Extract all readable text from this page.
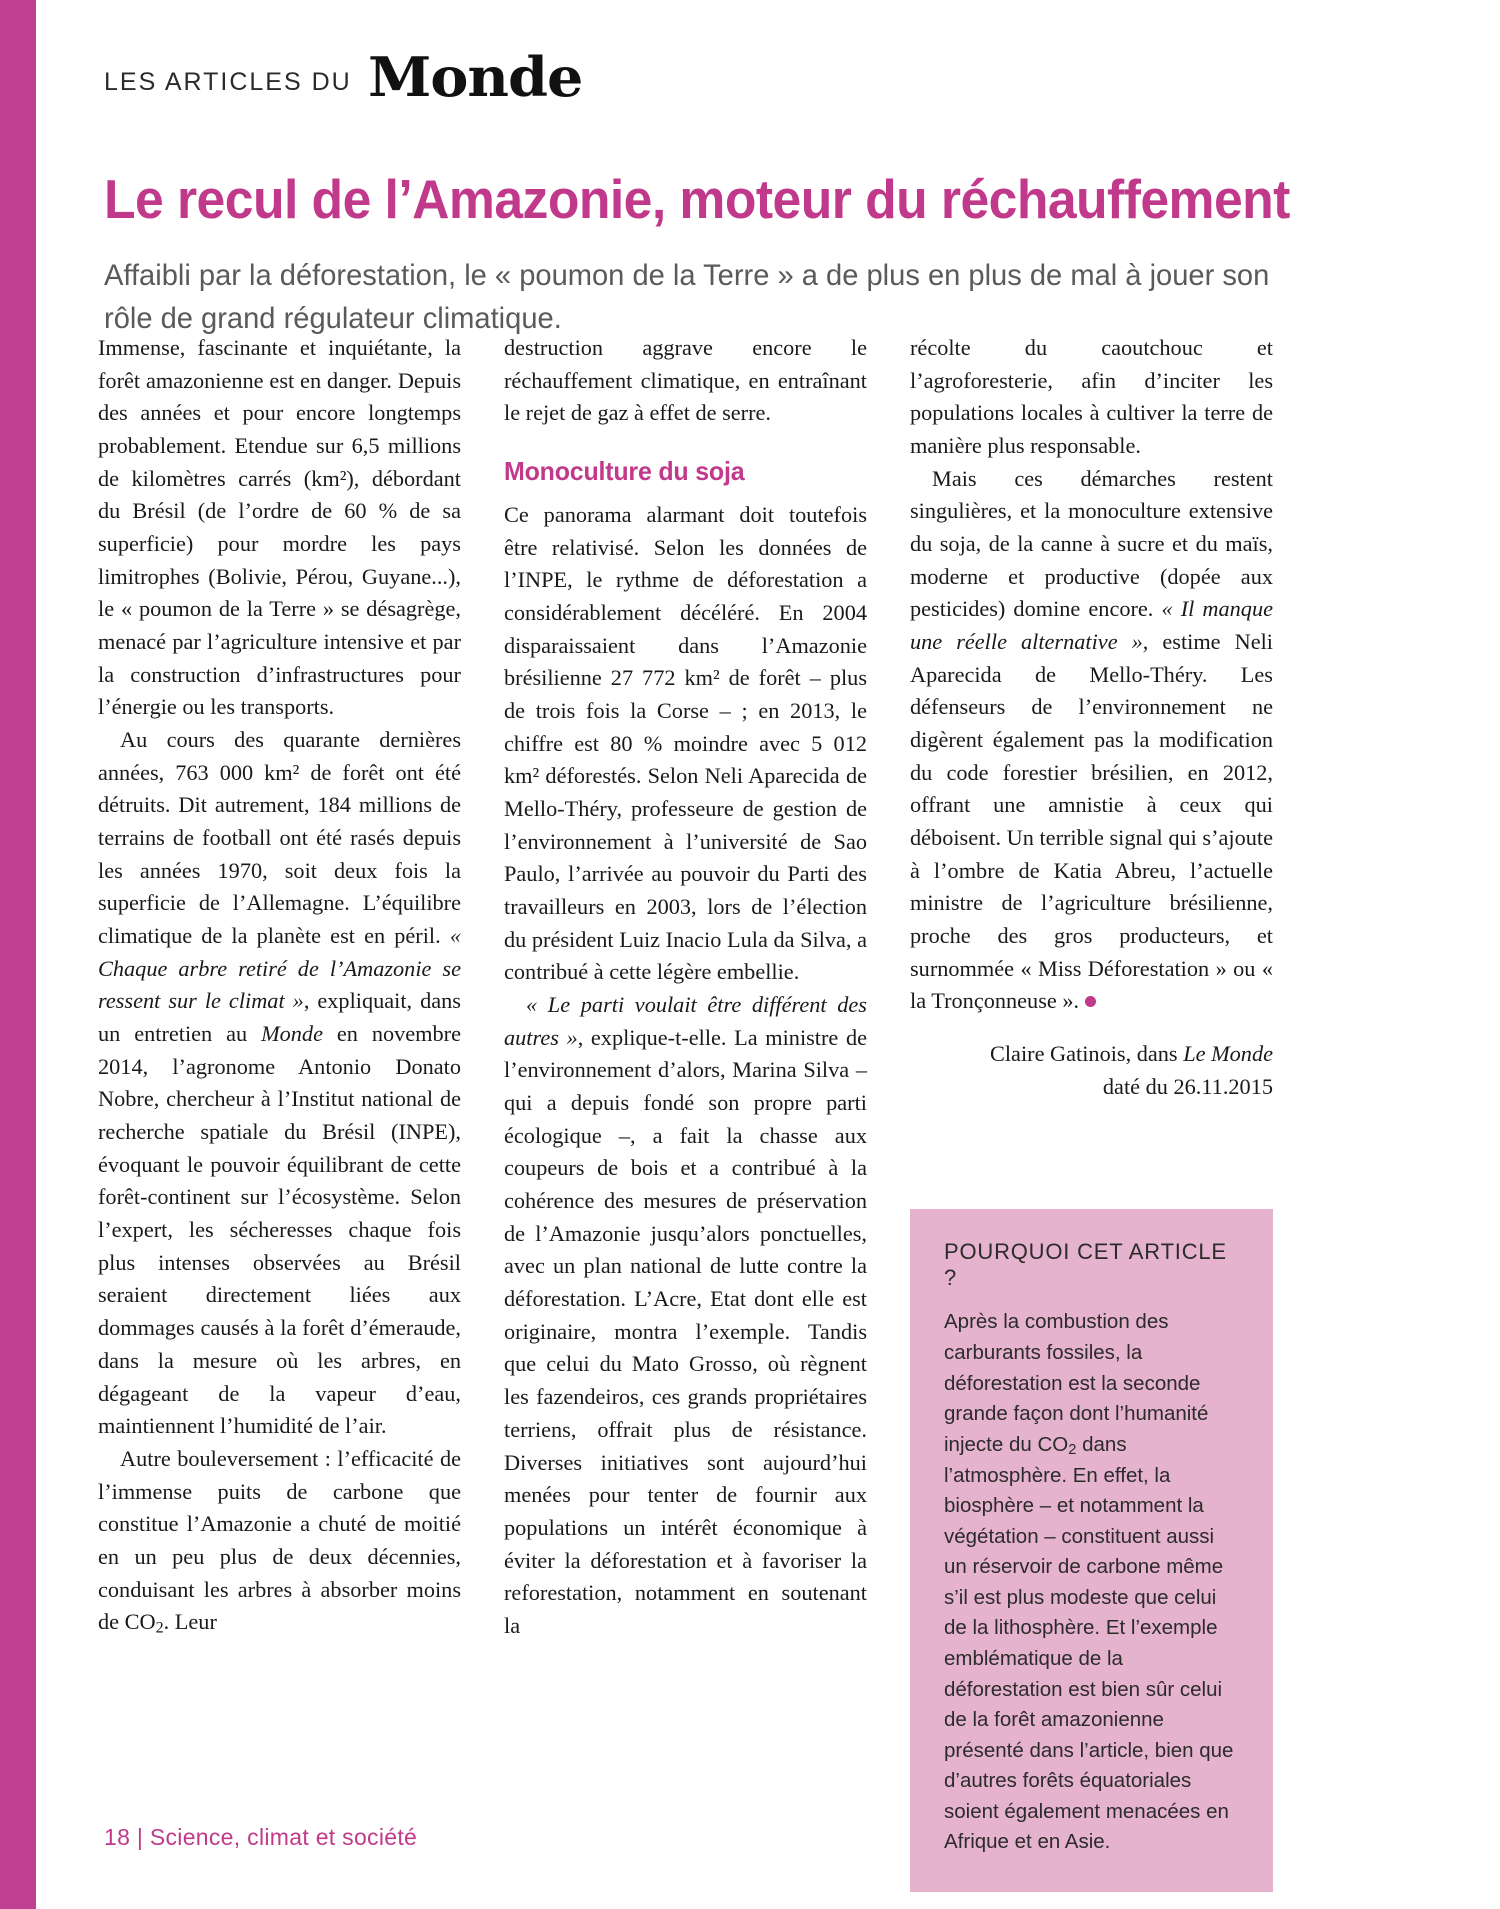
LES ARTICLES DU Monde
Le recul de l’Amazonie, moteur du réchauffement

Affaibli par la déforestation, le « poumon de la Terre » a de plus en plus de mal à jouer son rôle de grand régulateur climatique.

Immense, fascinante et inquiétante, la forêt amazonienne est en danger. Depuis des années et pour encore longtemps probablement. Etendue sur 6,5 millions de kilomètres carrés (km²), débordant du Brésil (de l’ordre de 60 % de sa superficie) pour mordre les pays limitrophes (Bolivie, Pérou, Guyane...), le « poumon de la Terre » se désagrège, menacé par l’agriculture intensive et par la construction d’infrastructures pour l’énergie ou les transports.

Au cours des quarante dernières années, 763 000 km² de forêt ont été détruits. Dit autrement, 184 millions de terrains de football ont été rasés depuis les années 1970, soit deux fois la superficie de l’Allemagne. L’équilibre climatique de la planète est en péril. « Chaque arbre retiré de l’Amazonie se ressent sur le climat », expliquait, dans un entretien au Monde en novembre 2014, l’agronome Antonio Donato Nobre, chercheur à l’Institut national de recherche spatiale du Brésil (INPE), évoquant le pouvoir équilibrant de cette forêt-continent sur l’écosystème. Selon l’expert, les sécheresses chaque fois plus intenses observées au Brésil seraient directement liées aux dommages causés à la forêt d’émeraude, dans la mesure où les arbres, en dégageant de la vapeur d’eau, maintiennent l’humidité de l’air.

Autre bouleversement : l’efficacité de l’immense puits de carbone que constitue l’Amazonie a chuté de moitié en un peu plus de deux décennies, conduisant les arbres à absorber moins de $CO_2$. Leur

destruction aggrave encore le réchauffement climatique, en entraînant le rejet de gaz à effet de serre.

Monoculture du soja

Ce panorama alarmant doit toutefois être relativisé. Selon les données de l’INPE, le rythme de déforestation a considérablement décéléré. En 2004 disparaissaient dans l’Amazonie brésilienne 27 772 km² de forêt – plus de trois fois la Corse – ; en 2013, le chiffre est 80 % moindre avec 5 012 km² déforestés. Selon Neli Aparecida de Mello-Théry, professeure de gestion de l’environnement à l’université de Sao Paulo, l’arrivée au pouvoir du Parti des travailleurs en 2003, lors de l’élection du président Luiz Inacio Lula da Silva, a contribué à cette légère embellie.

« Le parti voulait être différent des autres », explique-t-elle. La ministre de l’environnement d’alors, Marina Silva – qui a depuis fondé son propre parti écologique –, a fait la chasse aux coupeurs de bois et a contribué à la cohérence des mesures de préservation de l’Amazonie jusqu’alors ponctuelles, avec un plan national de lutte contre la déforestation. L’Acre, Etat dont elle est originaire, montra l’exemple. Tandis que celui du Mato Grosso, où règnent les fazendeiros, ces grands propriétaires terriens, offrait plus de résistance. Diverses initiatives sont aujourd’hui menées pour tenter de fournir aux populations un intérêt économique à éviter la déforestation et à favoriser la reforestation, notamment en soutenant la

récolte du caoutchouc et l’agroforesterie, afin d’inciter les populations locales à cultiver la terre de manière plus responsable.

Mais ces démarches restent singulières, et la monoculture extensive du soja, de la canne à sucre et du maïs, moderne et productive (dopée aux pesticides) domine encore. « Il manque une réelle alternative », estime Neli Aparecida de Mello-Théry. Les défenseurs de l’environnement ne digèrent également pas la modification du code forestier brésilien, en 2012, offrant une amnistie à ceux qui déboisent. Un terrible signal qui s’ajoute à l’ombre de Katia Abreu, l’actuelle ministre de l’agriculture brésilienne, proche des gros producteurs, et surnommée « Miss Déforestation » ou « la Tronçonneuse ».

Claire Gatinois, dans Le Monde
daté du 26.11.2015
POURQUOI CET ARTICLE ?
Après la combustion des carburants fossiles, la déforestation est la seconde grande façon dont l’humanité injecte du $CO_2$ dans l’atmosphère. En effet, la biosphère – et notamment la végétation – constituent aussi un réservoir de carbone même s’il est plus modeste que celui de la lithosphère. Et l’exemple emblématique de la déforestation est bien sûr celui de la forêt amazonienne présenté dans l’article, bien que d’autres forêts équatoriales soient également menacées en Afrique et en Asie.
18 | Science, climat et société
